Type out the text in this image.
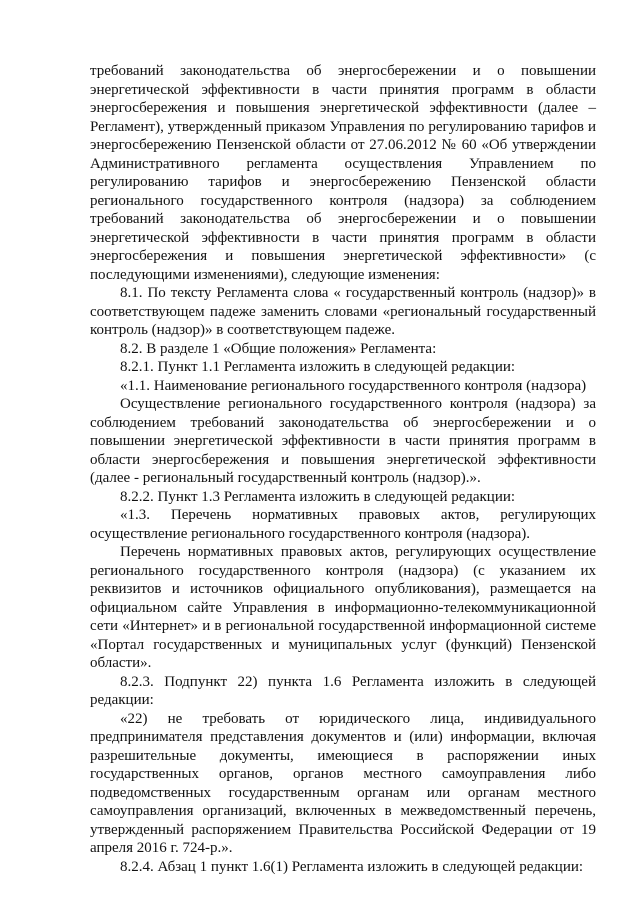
требований законодательства об энергосбережении и о повышении энергетической эффективности в части принятия программ в области энергосбережения и повышения энергетической эффективности (далее – Регламент), утвержденный приказом Управления по регулированию тарифов и энергосбережению Пензенской области от 27.06.2012 № 60 «Об утверждении Административного регламента осуществления Управлением по регулированию тарифов и энергосбережению Пензенской области регионального государственного контроля (надзора) за соблюдением требований законодательства об энергосбережении и о повышении энергетической эффективности в части принятия программ в области энергосбережения и повышения энергетической эффективности» (с последующими изменениями), следующие изменения:

8.1. По тексту Регламента слова « государственный контроль (надзор)» в соответствующем падеже заменить словами «региональный государственный контроль (надзор)» в соответствующем падеже.

8.2. В разделе 1 «Общие положения» Регламента:

8.2.1. Пункт 1.1 Регламента изложить в следующей редакции:

«1.1. Наименование регионального государственного контроля (надзора)

Осуществление регионального государственного контроля (надзора) за соблюдением требований законодательства об энергосбережении и о повышении энергетической эффективности в части принятия программ в области энергосбережения и повышения энергетической эффективности (далее - региональный государственный контроль (надзор).».

8.2.2. Пункт 1.3 Регламента изложить в следующей редакции:

«1.3. Перечень нормативных правовых актов, регулирующих осуществление регионального государственного контроля (надзора).

Перечень нормативных правовых актов, регулирующих осуществление регионального государственного контроля (надзора) (с указанием их реквизитов и источников официального опубликования), размещается на официальном сайте Управления в информационно-телекоммуникационной сети «Интернет» и в региональной государственной информационной системе «Портал государственных и муниципальных услуг (функций) Пензенской области».

8.2.3. Подпункт 22) пункта 1.6 Регламента изложить в следующей редакции:

«22) не требовать от юридического лица, индивидуального предпринимателя представления документов и (или) информации, включая разрешительные документы, имеющиеся в распоряжении иных государственных органов, органов местного самоуправления либо подведомственных государственным органам или органам местного самоуправления организаций, включенных в межведомственный перечень, утвержденный распоряжением Правительства Российской Федерации от 19 апреля 2016 г. 724-р.».

8.2.4. Абзац 1 пункт 1.6(1) Регламента изложить в следующей редакции:
